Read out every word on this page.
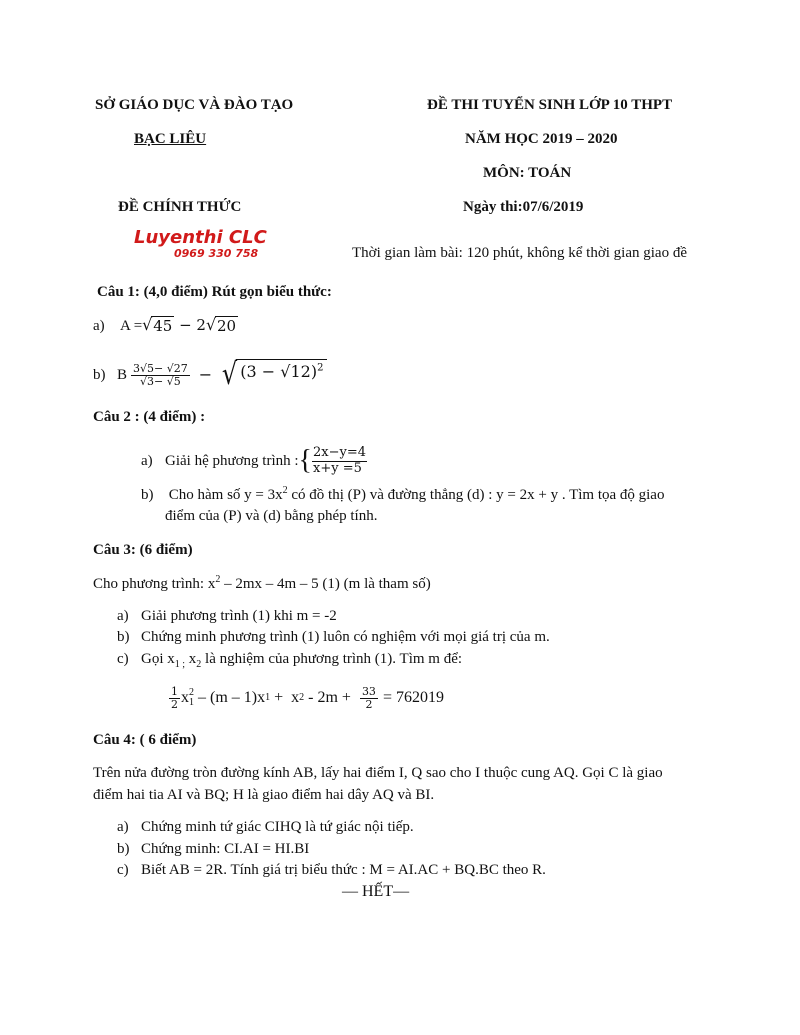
SỞ GIÁO DỤC VÀ ĐÀO TẠO	ĐỀ THI TUYỂN SINH LỚP 10 THPT
BẠC LIÊU	NĂM HỌC 2019 – 2020
MÔN: TOÁN
ĐỀ CHÍNH THỨC	Ngày thi:07/6/2019
Luyenthi CLC
0969 330 758	Thời gian làm bài: 120 phút, không kể thời gian giao đề
Câu 1: (4,0 điểm) Rút gọn biểu thức:
a) A = √ 45 − 2 √ 20
b) B $\frac{3√5- √27}{√3- √5}$ − √ $(3 - √12)^2$
Câu 2 : (4 điểm) :
a) Giải hệ phương trình : { 2x−y=4
x+y =5
b) Cho hàm số $y = 3x^2$ có đồ thị (P) và đường thẳng (d) : y = 2x + y . Tìm tọa độ giao
điểm của (P) và (d) bằng phép tính.
Câu 3: (6 điểm)
Cho phương trình: $x^2 - 2mx - 4m - 5$ (1) (m là tham số)
a) Giải phương trình (1) khi m = -2
b) Chứng minh phương trình (1) luôn có nghiệm với mọi giá trị của m.
c) Gọi $x_{1 ;}$ $x_2$ là nghiệm của phương trình (1). Tìm m để:
$\frac{1}{2}$ x 2
1 – (m – 1)x 1 +  x $2 - 2m + \frac{33}{2} = 762019$
Câu 4: ( 6 điểm)
Trên nửa đường tròn đường kính AB, lấy hai điểm I, Q sao cho I thuộc cung AQ. Gọi C là giao
điểm hai tia AI và BQ; H là giao điểm hai dây AQ và BI.
a) Chứng minh tứ giác CIHQ là tứ giác nội tiếp.
b) Chứng minh: CI.AI = HI.BI
c) Biết AB = 2R. Tính giá trị biểu thức : M = AI.AC + BQ.BC theo R.
— HẾT—
